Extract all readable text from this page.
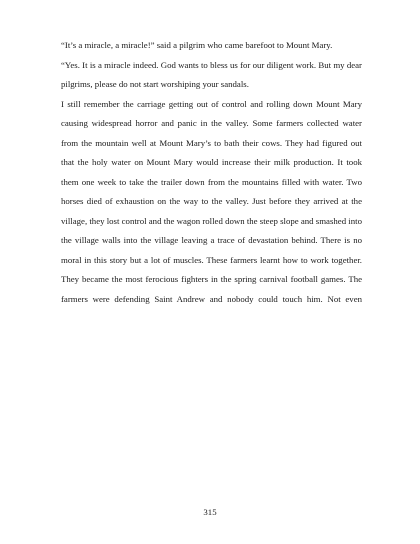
“It’s a miracle, a miracle!” said a pilgrim who came barefoot to Mount Mary.

“Yes. It is a miracle indeed. God wants to bless us for our diligent work. But my dear pilgrims, please do not start worshiping your sandals.

I still remember the carriage getting out of control and rolling down Mount Mary causing widespread horror and panic in the valley. Some farmers collected water from the mountain well at Mount Mary’s to bath their cows. They had figured out that the holy water on Mount Mary would increase their milk production. It took them one week to take the trailer down from the mountains filled with water. Two horses died of exhaustion on the way to the valley. Just before they arrived at the village, they lost control and the wagon rolled down the steep slope and smashed into the village walls into the village leaving a trace of devastation behind. There is no moral in this story but a lot of muscles. These farmers learnt how to work together. They became the most ferocious fighters in the spring carnival football games. The farmers were defending Saint Andrew and nobody could touch him. Not even

315
